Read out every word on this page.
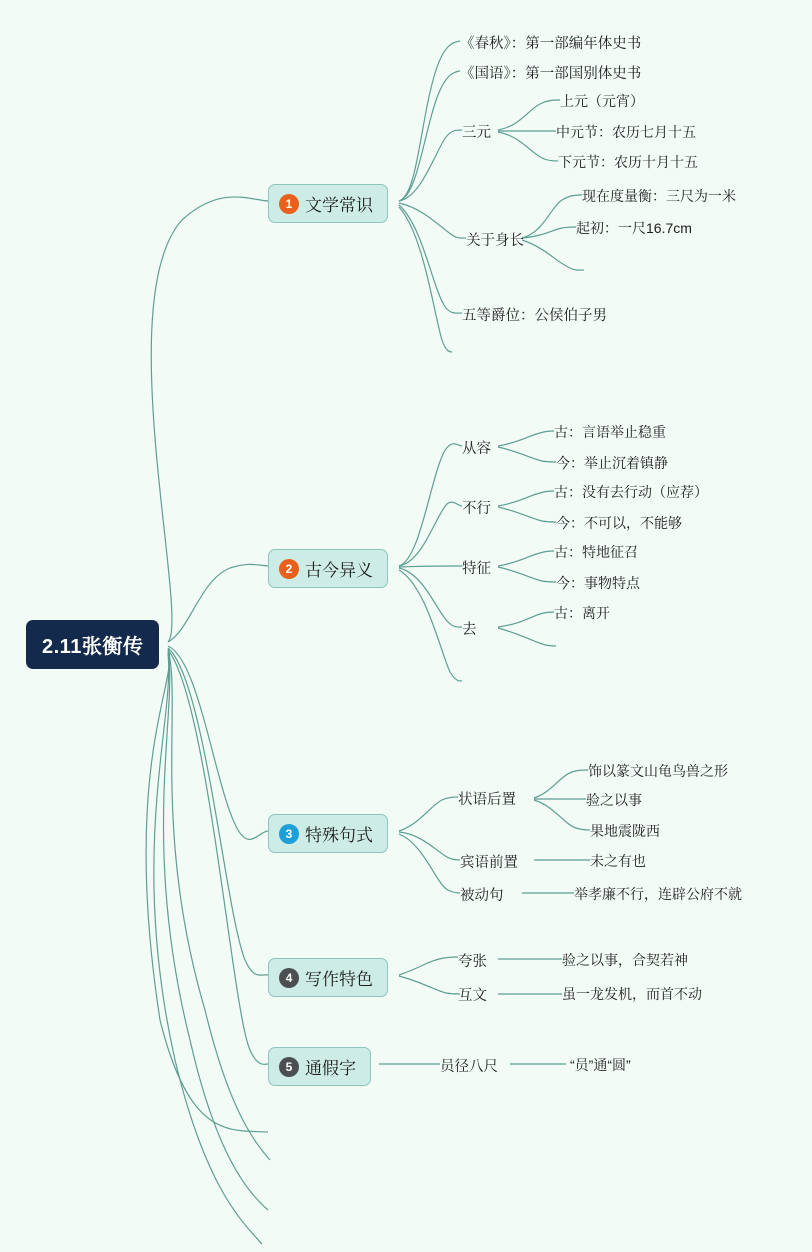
2.11张衡传
1 文学常识
《春秋》：第一部编年体史书
《国语》：第一部国别体史书
三元
关于身长
五等爵位：公侯伯子男
上元（元宵）
中元节：农历七月十五
下元节：农历十月十五
现在度量衡：三尺为一米
起初：一尺16.7cm
2 古今异义
从容
不行
特征
去
古：言语举止稳重
今：举止沉着镇静
古：没有去行动（应荐）
今：不可以，不能够
古：特地征召
今：事物特点
古：离开
3 特殊句式
状语后置
宾语前置
被动句
饰以篆文山龟鸟兽之形
验之以事
果地震陇西
未之有也
举孝廉不行，连辟公府不就
4 写作特色
夸张
互文
验之以事，合契若神
虽一龙发机，而首不动
5 通假字	员径八尺	“员”通“圆”
